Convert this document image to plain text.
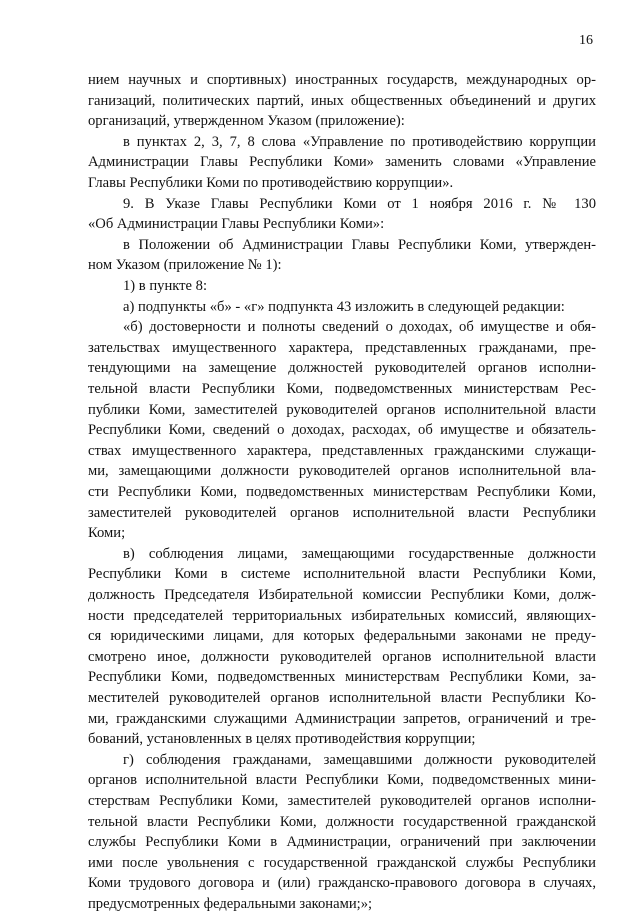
16
нием научных и спортивных) иностранных государств, международных ор-
ганизаций, политических партий, иных общественных объединений и других
организаций, утвержденном Указом (приложение):
в пунктах 2, 3, 7, 8 слова «Управление по противодействию коррупции
Администрации Главы Республики Коми» заменить словами «Управление
Главы Республики Коми по противодействию коррупции».
9. В Указе Главы Республики Коми от 1 ноября 2016 г. № 130
«Об Администрации Главы Республики Коми»:
в Положении об Администрации Главы Республики Коми, утвержден-
ном Указом (приложение № 1):
1) в пункте 8:
а) подпункты «б» - «г» подпункта 43 изложить в следующей редакции:
«б) достоверности и полноты сведений о доходах, об имуществе и обя-
зательствах имущественного характера, представленных гражданами, пре-
тендующими на замещение должностей руководителей органов исполни-
тельной власти Республики Коми, подведомственных министерствам Рес-
публики Коми, заместителей руководителей органов исполнительной власти
Республики Коми, сведений о доходах, расходах, об имуществе и обязатель-
ствах имущественного характера, представленных гражданскими служащи-
ми, замещающими должности руководителей органов исполнительной вла-
сти Республики Коми, подведомственных министерствам Республики Коми,
заместителей руководителей органов исполнительной власти Республики
Коми;
в) соблюдения лицами, замещающими государственные должности
Республики Коми в системе исполнительной власти Республики Коми,
должность Председателя Избирательной комиссии Республики Коми, долж-
ности председателей территориальных избирательных комиссий, являющих-
ся юридическими лицами, для которых федеральными законами не преду-
смотрено иное, должности руководителей органов исполнительной власти
Республики Коми, подведомственных министерствам Республики Коми, за-
местителей руководителей органов исполнительной власти Республики Ко-
ми, гражданскими служащими Администрации запретов, ограничений и тре-
бований, установленных в целях противодействия коррупции;
г) соблюдения гражданами, замещавшими должности руководителей
органов исполнительной власти Республики Коми, подведомственных мини-
стерствам Республики Коми, заместителей руководителей органов исполни-
тельной власти Республики Коми, должности государственной гражданской
службы Республики Коми в Администрации, ограничений при заключении
ими после увольнения с государственной гражданской службы Республики
Коми трудового договора и (или) гражданско-правового договора в случаях,
предусмотренных федеральными законами;»;
